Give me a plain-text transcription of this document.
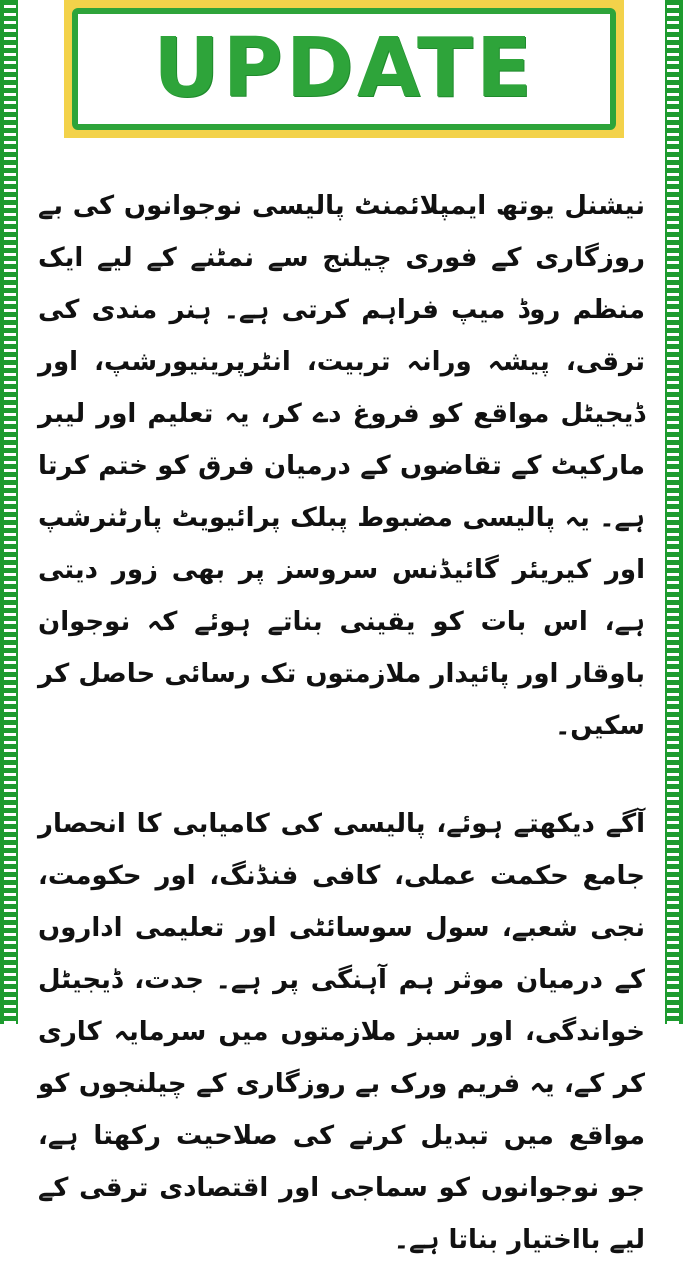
UPDATE

نیشنل یوتھ ایمپلائمنٹ پالیسی نوجوانوں کی بے روزگاری کے فوری چیلنج سے نمٹنے کے لیے ایک منظم روڈ میپ فراہم کرتی ہے۔ ہنر مندی کی ترقی، پیشہ ورانہ تربیت، انٹرپرینیورشپ، اور ڈیجیٹل مواقع کو فروغ دے کر، یہ تعلیم اور لیبر مارکیٹ کے تقاضوں کے درمیان فرق کو ختم کرتا ہے۔ یہ پالیسی مضبوط پبلک پرائیویٹ پارٹنرشپ اور کیریئر گائیڈنس سروسز پر بھی زور دیتی ہے، اس بات کو یقینی بناتے ہوئے کہ نوجوان باوقار اور پائیدار ملازمتوں تک رسائی حاصل کر سکیں۔

آگے دیکھتے ہوئے، پالیسی کی کامیابی کا انحصار جامع حکمت عملی، کافی فنڈنگ، اور حکومت، نجی شعبے، سول سوسائٹی اور تعلیمی اداروں کے درمیان موثر ہم آہنگی پر ہے۔ جدت، ڈیجیٹل خواندگی، اور سبز ملازمتوں میں سرمایہ کاری کر کے، یہ فریم ورک بے روزگاری کے چیلنجوں کو مواقع میں تبدیل کرنے کی صلاحیت رکھتا ہے، جو نوجوانوں کو سماجی اور اقتصادی ترقی کے لیے بااختیار بناتا ہے۔
